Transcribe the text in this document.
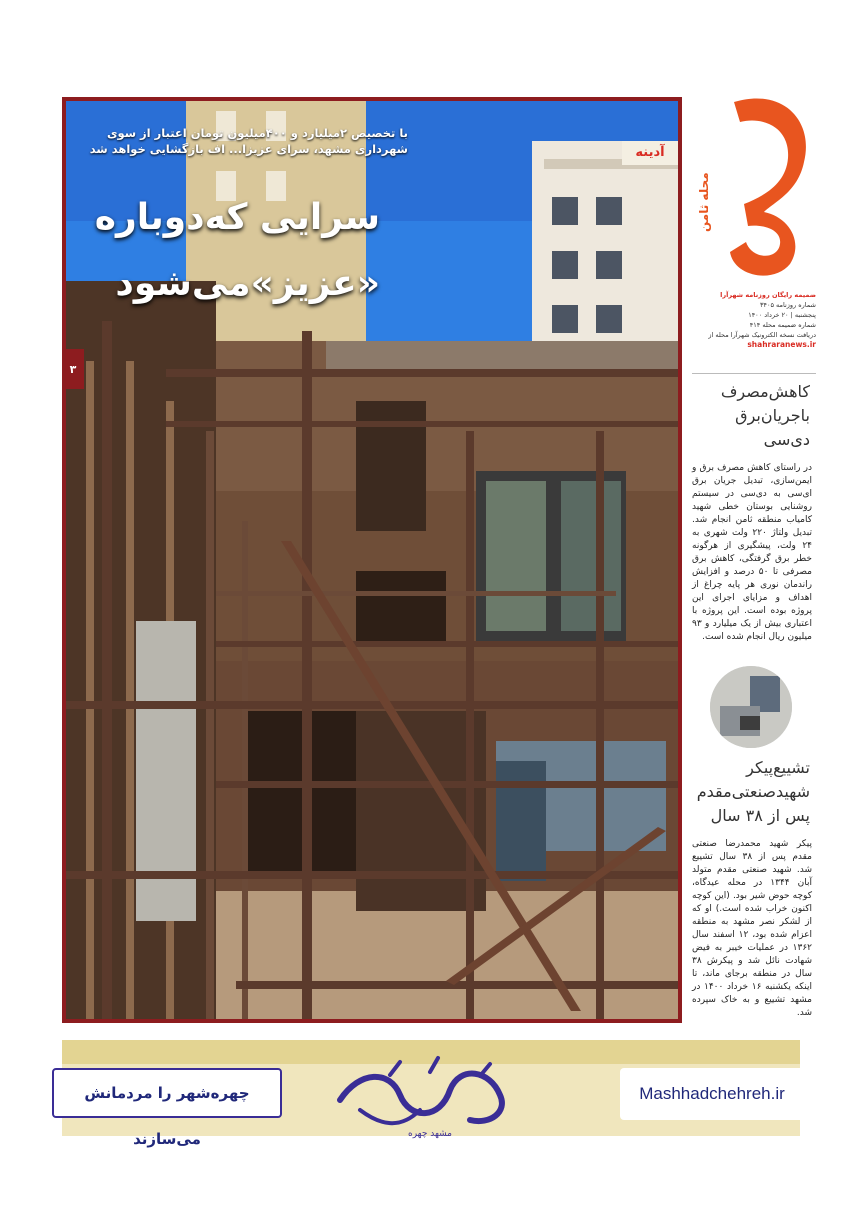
با تخصیص ۲میلیارد و ۴۰۰میلیون تومان اعتبار از سوی شهرداری مشهد، سرای عزیزا... اف بازگشایی خواهد شد
سرایی که‌دوباره
«عزیز»می‌شود
۳
آدینه	شهرآرا
محله ثامن
ضمیمه رایگان روزنامه شهرآرا
شماره روزنامه ۳۴۰۵
پنجشنبه | ۲۰ خرداد ۱۴۰۰
شماره ضمیمه محله ۴۱۴
دریافت نسخه الکترونیک شهرآرا محله از
shahraranews.ir
کاهش‌مصرف باجریان‌برق دی‌سی
در راستای کاهش مصرف برق و ایمن‌سازی، تبدیل جریان برق ای‌سی به دی‌سی در سیستم روشنایی بوستان خطی شهید کامیاب منطقه ثامن انجام شد. تبدیل ولتاژ ۲۲۰ ولت شهری به ۲۴ ولت، پیشگیری از هرگونه خطر برق گرفتگی، کاهش برق مصرفی تا ۵۰ درصد و افزایش راندمان نوری هر پایه چراغ از اهداف و مزایای اجرای این پروژه بوده است. این پروژه با اعتباری بیش از یک میلیارد و ۹۳ میلیون ریال انجام شده است.
تشییع‌پیکر شهیدصنعتی‌مقدم پس از ۳۸ سال
پیکر شهید محمدرضا صنعتی مقدم پس از ۳۸ سال تشییع شد. شهید صنعتی مقدم متولد آبان ۱۳۴۴ در محله عیدگاه، کوچه حوض شیر بود. (این کوچه اکنون خراب شده است.) او که از لشکر نصر مشهد به منطقه اعزام شده بود، ۱۲ اسفند سال ۱۳۶۲ در عملیات خیبر به فیض شهادت نائل شد و پیکرش ۳۸ سال در منطقه برجای ماند، تا اینکه یکشنبه ۱۶ خرداد ۱۴۰۰ در مشهد تشییع و به خاک سپرده شد.
چهره‌شهر را مردمانش می‌سازند	مشهد چهره
Mashhadchehreh.ir
